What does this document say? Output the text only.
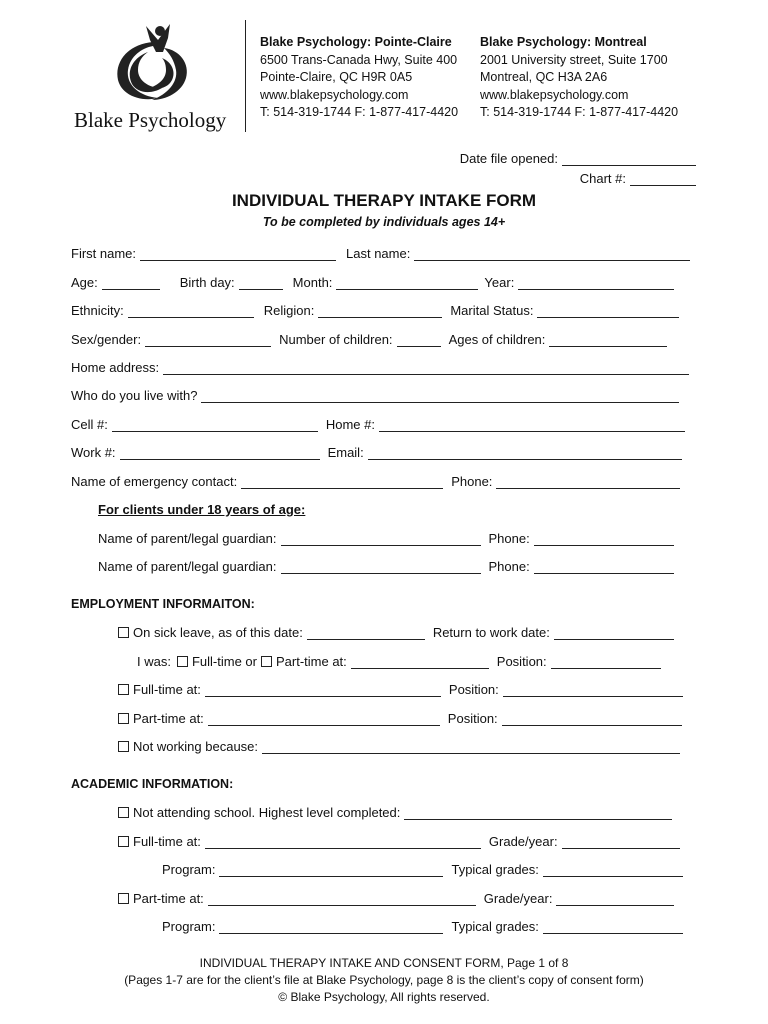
Blake Psychology
Blake Psychology: Pointe-Claire
6500 Trans-Canada Hwy, Suite 400
Pointe-Claire, QC H9R 0A5
www.blakepsychology.com
T: 514-319-1744 F: 1-877-417-4420
Blake Psychology: Montreal
2001 University street, Suite 1700
Montreal, QC H3A 2A6
www.blakepsychology.com
T: 514-319-1744 F: 1-877-417-4420
Date file opened:
Chart #:
INDIVIDUAL THERAPY INTAKE FORM
To be completed by individuals ages 14+
First name:	Last name:
Age:	Birth day:	Month:	Year:
Ethnicity:	Religion:	Marital Status:
Sex/gender:	Number of children:	Ages of children:
Home address:
Who do you live with?
Cell #:	Home #:
Work #:	Email:
Name of emergency contact:	Phone:
For clients under 18 years of age:
Name of parent/legal guardian:	Phone:
Name of parent/legal guardian:	Phone:
EMPLOYMENT INFORMAITON:
On sick leave, as of this date:	Return to work date:
I was: Full-time or Part-time at:	Position:
Full-time at:	Position:
Part-time at:	Position:
Not working because:
ACADEMIC INFORMATION:
Not attending school. Highest level completed:
Full-time at:	Grade/year:
Program:	Typical grades:
Part-time at:	Grade/year:
Program:	Typical grades:
INDIVIDUAL THERAPY INTAKE AND CONSENT FORM, Page 1 of 8
(Pages 1-7 are for the client’s file at Blake Psychology, page 8 is the client’s copy of consent form)
© Blake Psychology, All rights reserved.
